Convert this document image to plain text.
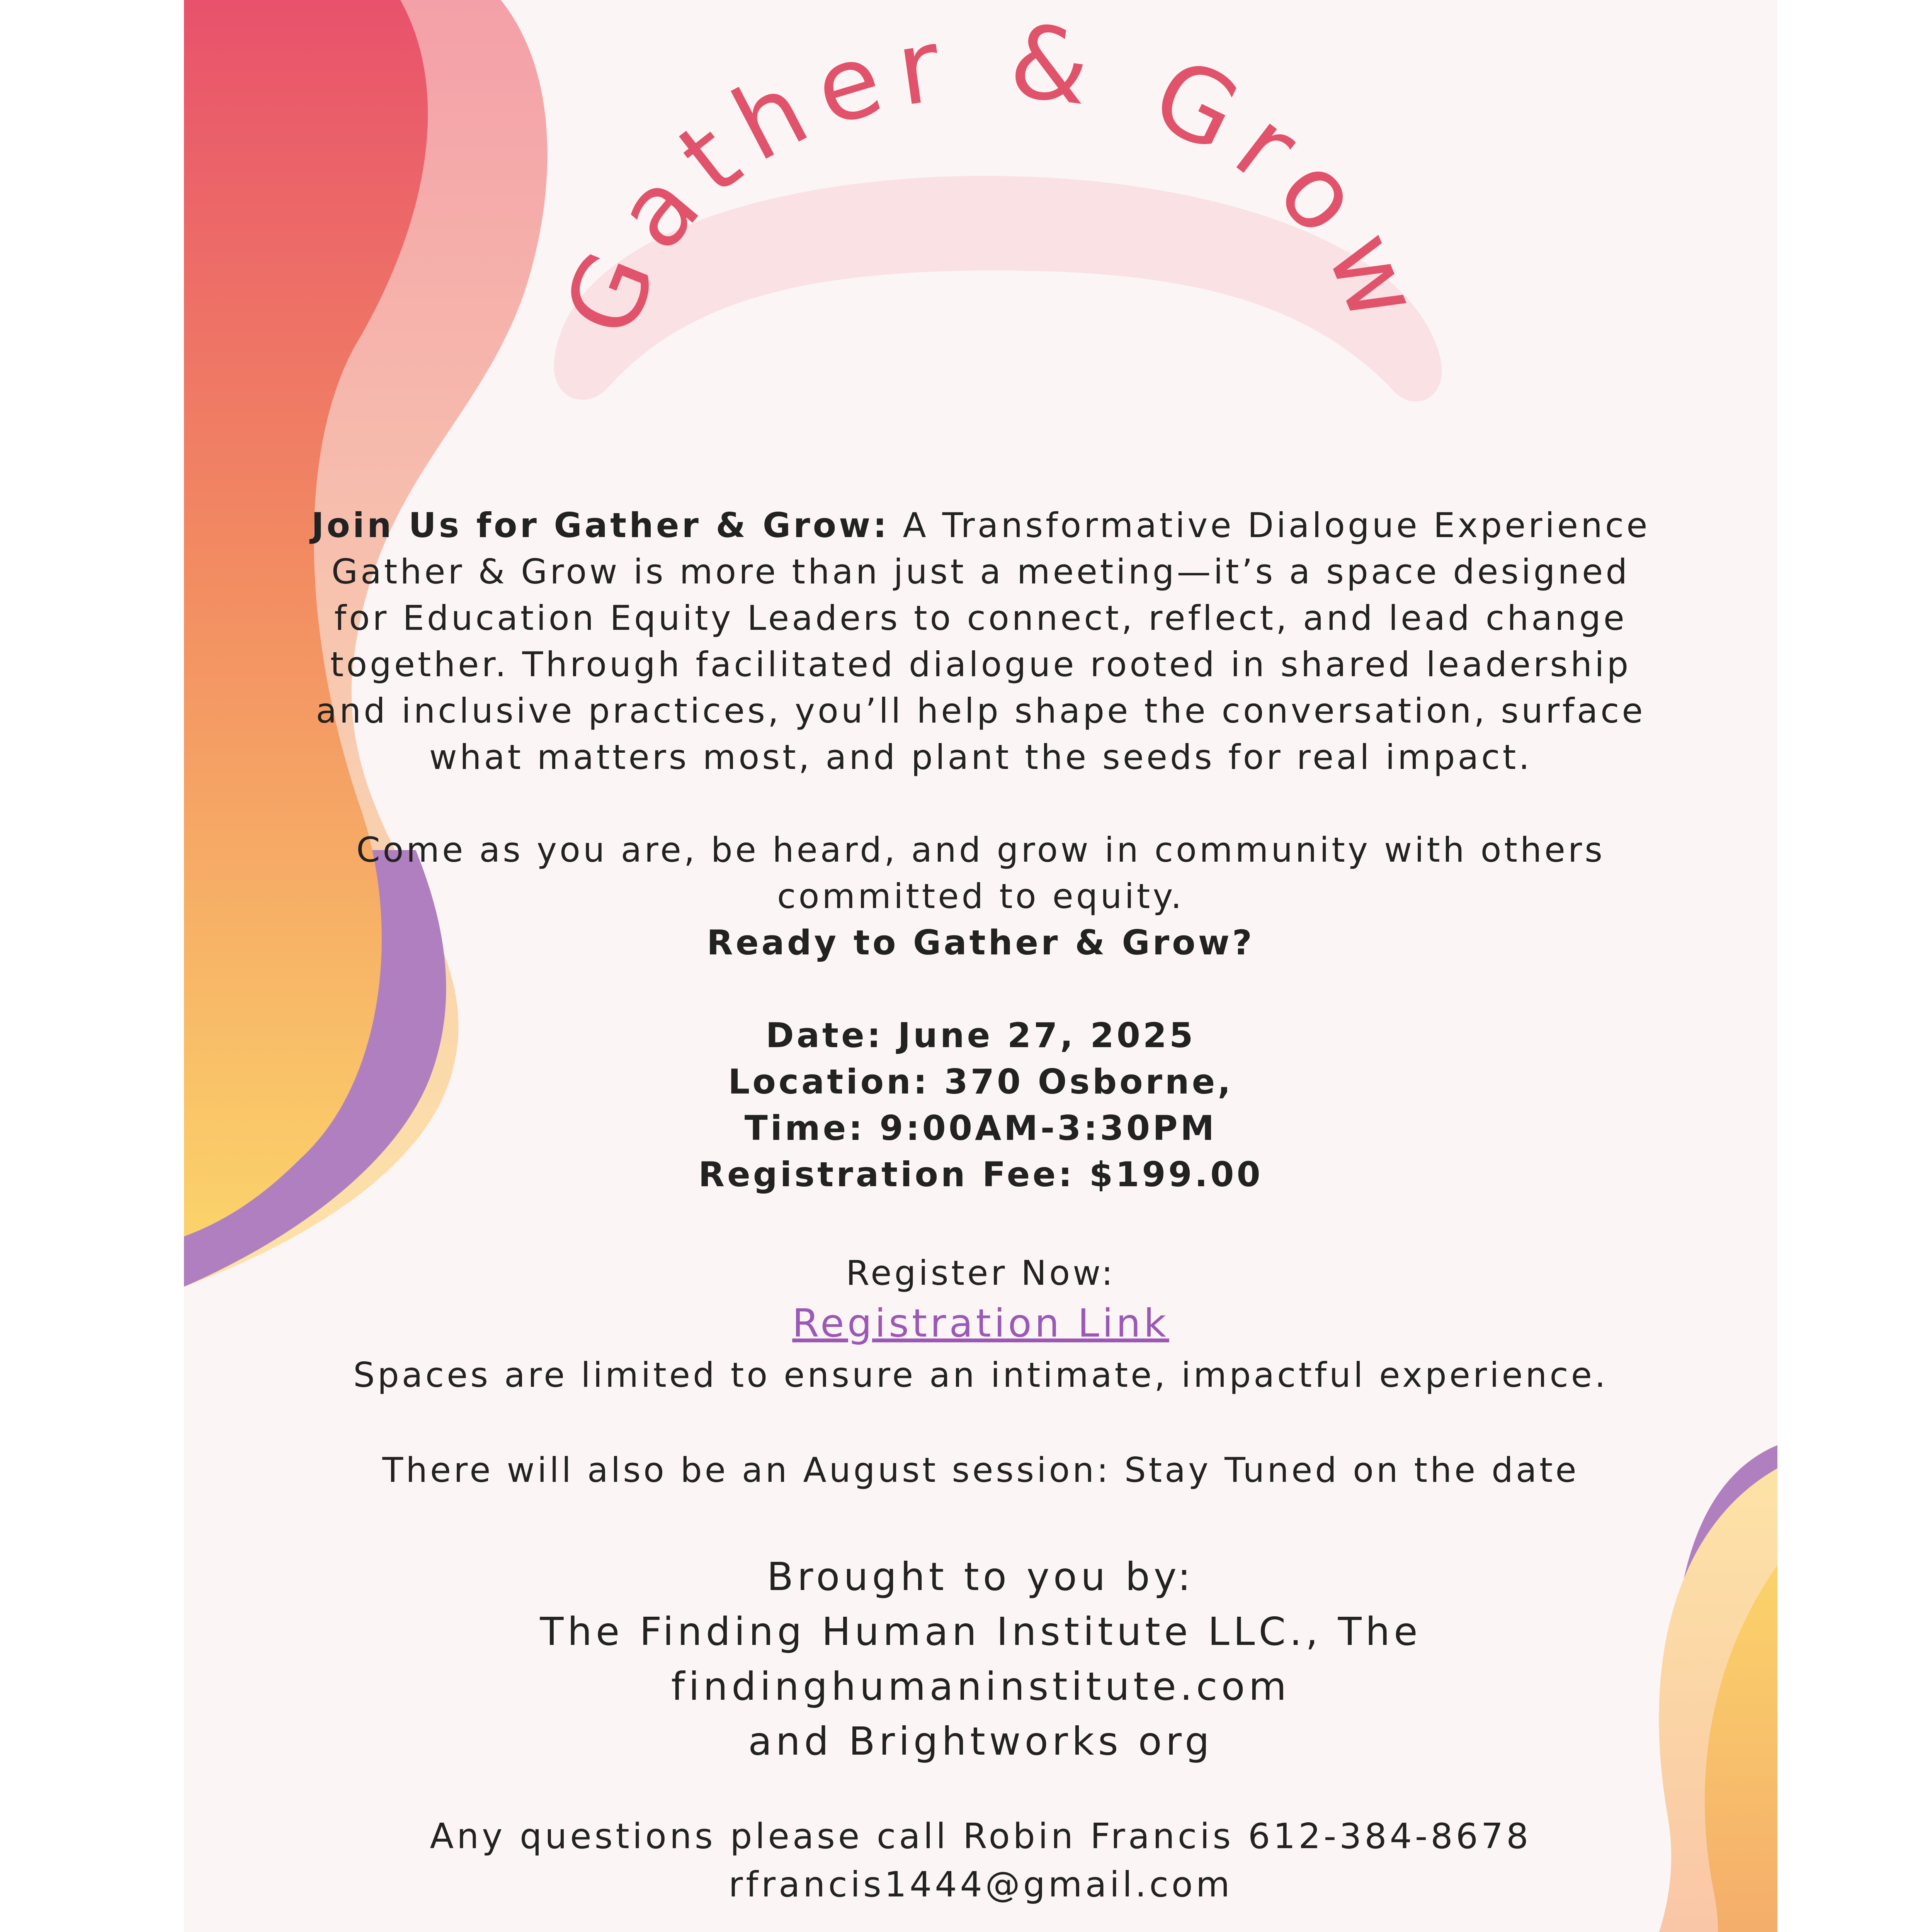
Gather & Grow
Join Us for Gather & Grow: A Transformative Dialogue Experience
Gather & Grow is more than just a meeting—it’s a space designed
for Education Equity Leaders to connect, reflect, and lead change
together. Through facilitated dialogue rooted in shared leadership
and inclusive practices, you’ll help shape the conversation, surface
what matters most, and plant the seeds for real impact.
Come as you are, be heard, and grow in community with others
committed to equity.
Ready to Gather & Grow?
Date: June 27, 2025
Location: 370 Osborne,
Time: 9:00AM-3:30PM
Registration Fee: $199.00
Register Now:
Registration Link
Spaces are limited to ensure an intimate, impactful experience.
There will also be an August session: Stay Tuned on the date
Brought to you by:
The Finding Human Institute LLC., The
findinghumaninstitute.com
and Brightworks org
Any questions please call Robin Francis 612-384-8678
rfrancis1444@gmail.com
